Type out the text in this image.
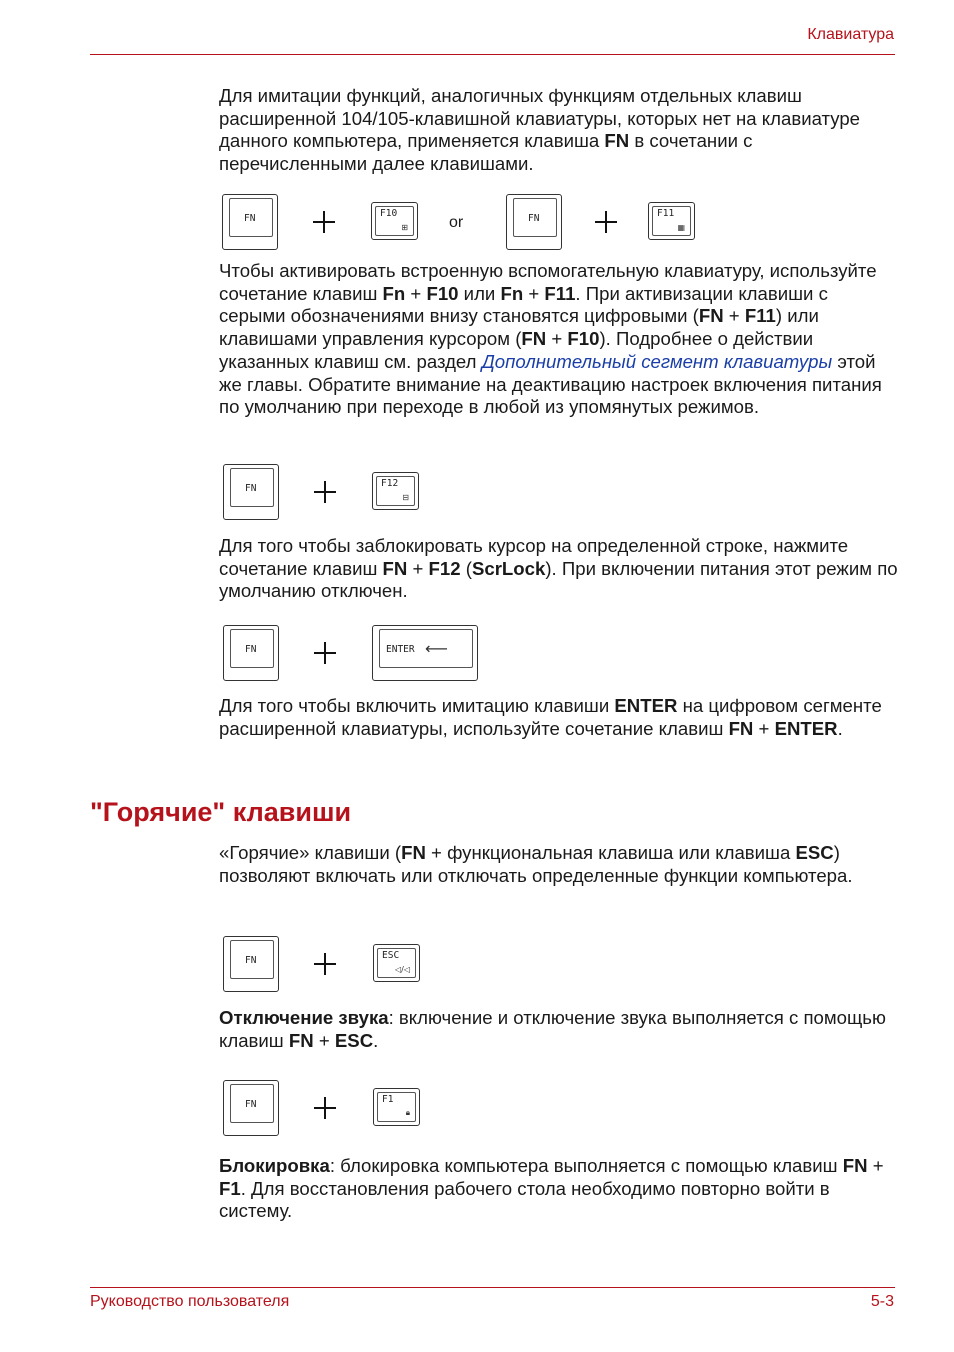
Клавиатура

Для имитации функций, аналогичных функциям отдельных клавиш расширенной 104/105-клавишной клавиатуры, которых нет на клавиатуре данного компьютера, применяется клавиша FN в сочетании с перечисленными далее клавишами.

FN	F10
⊞	or	FN	F11
▦

Чтобы активировать встроенную вспомогательную клавиатуру, используйте сочетание клавиш Fn + F10 или Fn + F11. При активизации клавиши с серыми обозначениями внизу становятся цифровыми (FN + F11) или клавишами управления курсором (FN + F10). Подробнее о действии указанных клавиш см. раздел Дополнительный сегмент клавиатуры этой же главы. Обратите внимание на деактивацию настроек включения питания по умолчанию при переходе в любой из упомянутых режимов.

FN	F12
⊟

Для того чтобы заблокировать курсор на определенной строке, нажмите сочетание клавиш FN + F12 (ScrLock). При включении питания этот режим по умолчанию отключен.

FN	ENTER ⟵

Для того чтобы включить имитацию клавиши ENTER на цифровом сегменте расширенной клавиатуры, используйте сочетание клавиш FN + ENTER.

"Горячие" клавиши

«Горячие» клавиши (FN + функциональная клавиша или клавиша ESC) позволяют включать или отключать определенные функции компьютера.

FN	ESC
◁/◁

Отключение звука: включение и отключение звука выполняется с помощью клавиш FN + ESC.

FN	F1
🔒︎

Блокировка: блокировка компьютера выполняется с помощью клавиш FN + F1. Для восстановления рабочего стола необходимо повторно войти в систему.

Руководство пользователя	5-3
